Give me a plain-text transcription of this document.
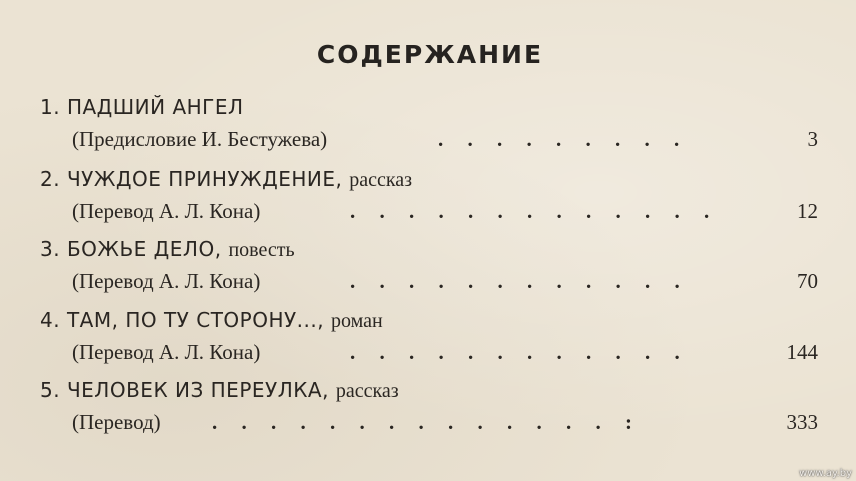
СОДЕРЖАНИЕ
1. ПАДШИЙ АНГЕЛ
(Предисловие И. Бестужева)	. . . . . . . . .	3
2. ЧУЖДОЕ ПРИНУЖДЕНИЕ, рассказ
(Перевод А. Л. Кона)	. . . . . . . . . . . . .	12
3. БОЖЬЕ ДЕЛО, повесть
(Перевод А. Л. Кона)	. . . . . . . . . . . .	70
4. ТАМ, ПО ТУ СТОРОНУ..., роман
(Перевод А. Л. Кона)	. . . . . . . . . . . .	144
5. ЧЕЛОВЕК ИЗ ПЕРЕУЛКА, рассказ
(Перевод) . . . . . . . . . . . . . . :	333
www.ay.by
